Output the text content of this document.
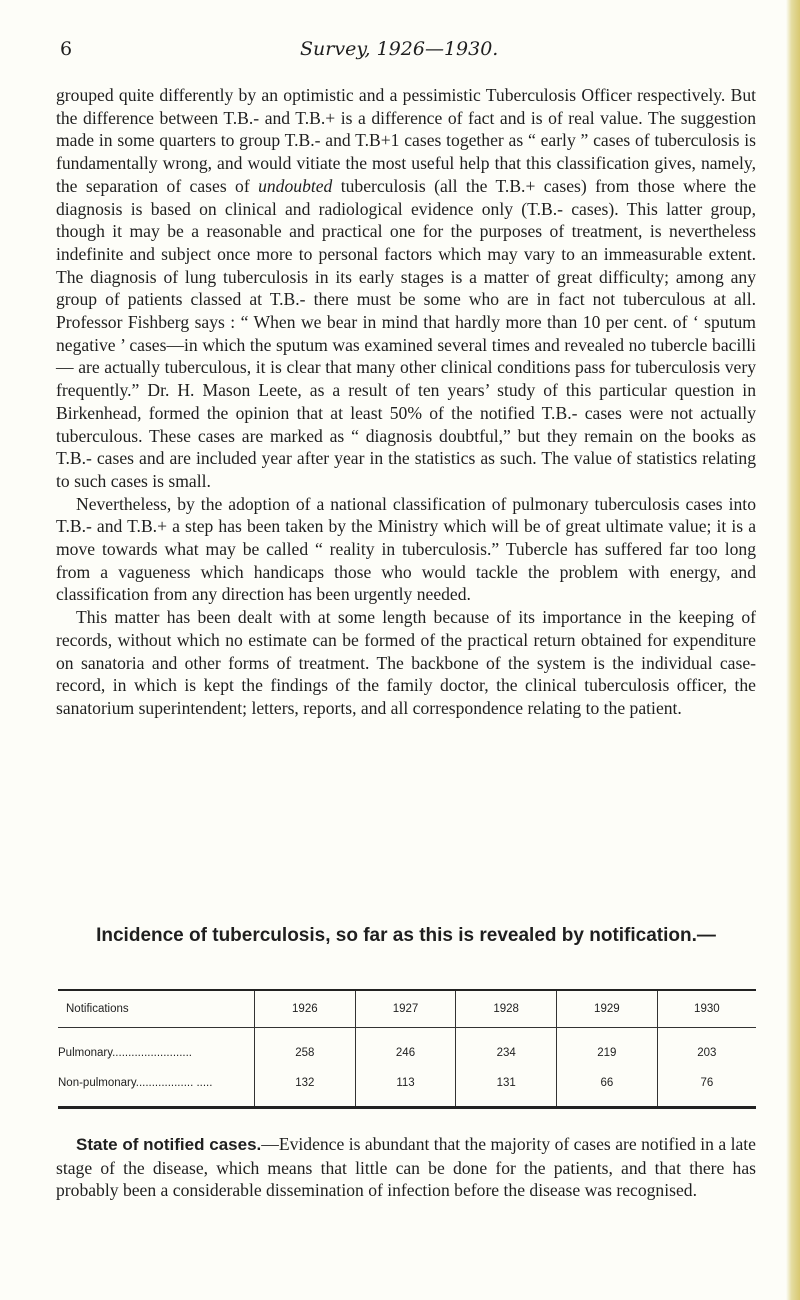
6	Survey, 1926—1930.

grouped quite differently by an optimistic and a pessimistic Tuberculosis Officer respectively. But the difference between T.B.- and T.B.+ is a difference of fact and is of real value. The suggestion made in some quarters to group T.B.- and T.B+1 cases together as “ early ” cases of tuberculosis is fundamentally wrong, and would vitiate the most useful help that this classification gives, namely, the separation of cases of undoubted tuberculosis (all the T.B.+ cases) from those where the diagnosis is based on clinical and radiological evidence only (T.B.- cases). This latter group, though it may be a reasonable and practical one for the purposes of treatment, is nevertheless indefinite and subject once more to personal factors which may vary to an immeasurable extent. The diagnosis of lung tuberculosis in its early stages is a matter of great difficulty; among any group of patients classed at T.B.- there must be some who are in fact not tuberculous at all. Professor Fishberg says : “ When we bear in mind that hardly more than 10 per cent. of ‘ sputum negative ’ cases—in which the sputum was examined several times and revealed no tubercle bacilli— are actually tuberculous, it is clear that many other clinical conditions pass for tuberculosis very frequently.” Dr. H. Mason Leete, as a result of ten years’ study of this particular question in Birkenhead, formed the opinion that at least 50% of the notified T.B.- cases were not actually tuberculous. These cases are marked as “ diagnosis doubtful,” but they remain on the books as T.B.- cases and are included year after year in the statistics as such. The value of statistics relating to such cases is small.

Nevertheless, by the adoption of a national classification of pulmonary tuberculosis cases into T.B.- and T.B.+ a step has been taken by the Ministry which will be of great ultimate value; it is a move towards what may be called “ reality in tuberculosis.” Tubercle has suffered far too long from a vagueness which handicaps those who would tackle the problem with energy, and classification from any direction has been urgently needed.

This matter has been dealt with at some length because of its importance in the keeping of records, without which no estimate can be formed of the practical return obtained for expenditure on sanatoria and other forms of treatment. The backbone of the system is the individual case-record, in which is kept the findings of the family doctor, the clinical tuberculosis officer, the sanatorium superintendent; letters, reports, and all correspondence relating to the patient.

Incidence of tuberculosis, so far as this is revealed by notification.—
Notifications	1926	1927	1928	1929	1930
Pulmonary.........................	258	246	234	219	203
Non-pulmonary.................. .....	132	113	131	66	76
State of notified cases.—Evidence is abundant that the majority of cases are notified in a late stage of the disease, which means that little can be done for the patients, and that there has probably been a considerable dissemination of infection before the disease was recognised.
